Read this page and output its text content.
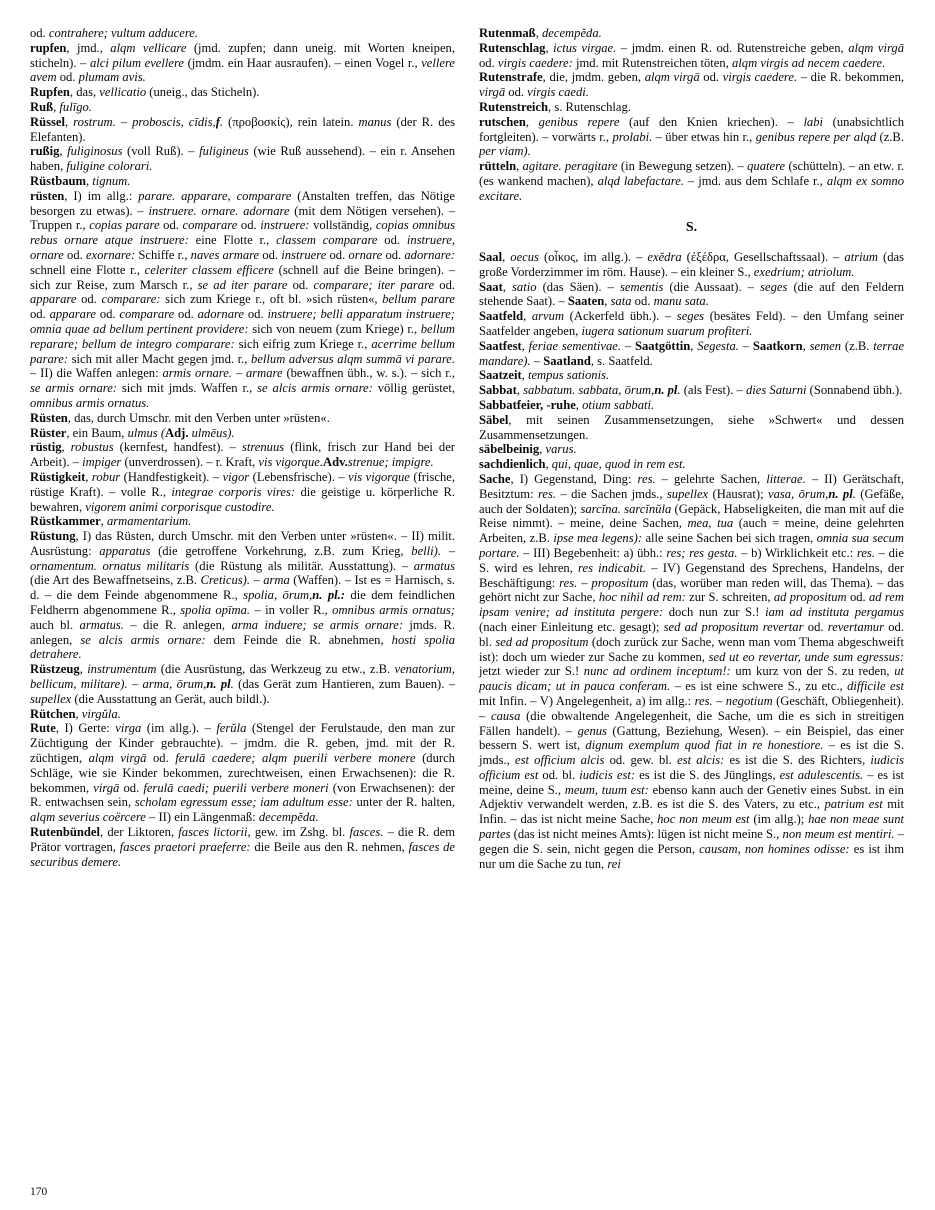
od. contrahere; vultum adducere.

rupfen, jmd., alqm vellicare (jmd. zupfen; dann uneig. mit Worten kneipen, sticheln). – alci pilum evellere (jmdm. ein Haar ausraufen). – einen Vogel r., vellere avem od. plumam avis.

Rupfen, das, vellicatio (uneig., das Sticheln).

Ruß, fulīgo.

Rüssel, rostrum. – proboscis, cīdis,f. (προβοσκίς), rein latein. manus (der R. des Elefanten).

rußig, fuliginosus (voll Ruß). – fuligineus (wie Ruß aussehend). – ein r. Ansehen haben, fuligine colorari.

Rüstbaum, tignum.

rüsten, I) im allg.: parare. apparare, comparare (Anstalten treffen, das Nötige besorgen zu etwas). – instruere. ornare. adornare (mit dem Nötigen versehen). – Truppen r., copias parare od. comparare od. instruere: vollständig, copias omnibus rebus ornare atque instruere: eine Flotte r., classem comparare od. instruere, ornare od. exornare: Schiffe r., naves armare od. instruere od. ornare od. adornare: schnell eine Flotte r., celeriter classem efficere (schnell auf die Beine bringen). – sich zur Reise, zum Marsch r., se ad iter parare od. comparare; iter parare od. apparare od. comparare: sich zum Kriege r., oft bl. »sich rüsten«, bellum parare od. apparare od. comparare od. adornare od. instruere; belli apparatum instruere; omnia quae ad bellum pertinent providere: sich von neuem (zum Kriege) r., bellum reparare; bellum de integro comparare: sich eifrig zum Kriege r., acerrime bellum parare: sich mit aller Macht gegen jmd. r., bellum adversus alqm summā vi parare. – II) die Waffen anlegen: armis ornare. – armare (bewaffnen übh., w. s.). – sich r., se armis ornare: sich mit jmds. Waffen r., se alcis armis ornare: völlig gerüstet, omnibus armis ornatus.

Rüsten, das, durch Umschr. mit den Verben unter »rüsten«.

Rüster, ein Baum, ulmus (Adj. ulmēus).

rüstig, robustus (kernfest, handfest). – strenuus (flink, frisch zur Hand bei der Arbeit). – impiger (unverdrossen). – r. Kraft, vis vigorque.Adv.strenue; impigre.

Rüstigkeit, robur (Handfestigkeit). – vigor (Lebensfrische). – vis vigorque (frische, rüstige Kraft). – volle R., integrae corporis vires: die geistige u. körperliche R. bewahren, vigorem animi corporisque custodire.

Rüstkammer, armamentarium.

Rüstung, I) das Rüsten, durch Umschr. mit den Verben unter »rüsten«. – II) milit. Ausrüstung: apparatus (die getroffene Vorkehrung, z.B. zum Krieg, belli). – ornamentum. ornatus militaris (die Rüstung als militär. Ausstattung). – armatus (die Art des Bewaffnetseins, z.B. Creticus). – arma (Waffen). – Ist es = Harnisch, s. d. – die dem Feinde abgenommene R., spolia, ōrum,n. pl.: die dem feindlichen Feldherrn abgenommene R., spolia opīma. – in voller R., omnibus armis ornatus; auch bl. armatus. – die R. anlegen, arma induere; se armis ornare: jmds. R. anlegen, se alcis armis ornare: dem Feinde die R. abnehmen, hosti spolia detrahere.

Rüstzeug, instrumentum (die Ausrüstung, das Werkzeug zu etw., z.B. venatorium, bellicum, militare). – arma, ōrum,n. pl. (das Gerät zum Hantieren, zum Bauen). – supellex (die Ausstattung an Gerät, auch bildl.).

Rütchen, virgŭla.

Rute, I) Gerte: virga (im allg.). – ferŭla (Stengel der Ferulstaude, den man zur Züchtigung der Kinder gebrauchte). – jmdm. die R. geben, jmd. mit der R. züchtigen, alqm virgā od. ferulā caedere; alqm puerili verbere monere (durch Schläge, wie sie Kinder bekommen, zurechtweisen, einen Erwachsenen): die R. bekommen, virgā od. ferulā caedi; puerili verbere moneri (von Erwachsenen): der R. entwachsen sein, scholam egressum esse; iam adultum esse: unter der R. halten, alqm severius coërcere – II) ein Längenmaß: decempĕda.

Rutenbündel, der Liktoren, fasces lictorii, gew. im Zshg. bl. fasces. – die R. dem Prätor vortragen, fasces praetori praeferre: die Beile aus den R. nehmen, fasces de securibus demere.

Rutenmaß, decempĕda.

Rutenschlag, ictus virgae. – jmdm. einen R. od. Rutenstreiche geben, alqm virgā od. virgis caedere: jmd. mit Rutenstreichen töten, alqm virgis ad necem caedere.

Rutenstrafe, die, jmdm. geben, alqm virgā od. virgis caedere. – die R. bekommen, virgā od. virgis caedi.

Rutenstreich, s. Rutenschlag.

rutschen, genibus repere (auf den Knien kriechen). – labi (unabsichtlich fortgleiten). – vorwärts r., prolabi. – über etwas hin r., genibus repere per alqd (z.B. per viam).

rütteln, agitare. peragitare (in Bewegung setzen). – quatere (schütteln). – an etw. r. (es wankend machen), alqd labefactare. – jmd. aus dem Schlafe r., alqm ex somno excitare.

S.

Saal, oecus (οἶκος, im allg.). – exĕdra (ἐξέδρα, Gesellschaftssaal). – atrium (das große Vorderzimmer im röm. Hause). – ein kleiner S., exedrium; atriolum.

Saat, satio (das Säen). – sementis (die Aussaat). – seges (die auf den Feldern stehende Saat). – Saaten, sata od. manu sata.

Saatfeld, arvum (Ackerfeld übh.). – seges (besätes Feld). – den Umfang seiner Saatfelder angeben, iugera sationum suarum profiteri.

Saatfest, feriae sementivae. – Saatgöttin, Segesta. – Saatkorn, semen (z.B. terrae mandare). – Saatland, s. Saatfeld.

Saatzeit, tempus sationis.

Sabbat, sabbatum. sabbata, ōrum,n. pl. (als Fest). – dies Saturni (Sonnabend übh.).

Sabbatfeier, -ruhe, otium sabbati.

Säbel, mit seinen Zusammensetzungen, siehe »Schwert« und dessen Zusammensetzungen.

säbelbeinig, varus.

sachdienlich, qui, quae, quod in rem est.

Sache, I) Gegenstand, Ding: res. – gelehrte Sachen, litterae. – II) Gerätschaft, Besitztum: res. – die Sachen jmds., supellex (Hausrat); vasa, ōrum,n. pl. (Gefäße, auch der Soldaten); sarcĭna. sarcĭnŭla (Gepäck, Habseligkeiten, die man mit auf die Reise nimmt). – meine, deine Sachen, mea, tua (auch = meine, deine gelehrten Arbeiten, z.B. ipse mea legens): alle seine Sachen bei sich tragen, omnia sua secum portare. – III) Begebenheit: a) übh.: res; res gesta. – b) Wirklichkeit etc.: res. – die S. wird es lehren, res indicabit. – IV) Gegenstand des Sprechens, Handelns, der Beschäftigung: res. – propositum (das, worüber man reden will, das Thema). – das gehört nicht zur Sache, hoc nihil ad rem: zur S. schreiten, ad propositum od. ad rem ipsam venire; ad instituta pergere: doch nun zur S.! iam ad instituta pergamus (nach einer Einleitung etc. gesagt); sed ad propositum revertar od. revertamur od. bl. sed ad propositum (doch zurück zur Sache, wenn man vom Thema abgeschweift ist): doch um wieder zur Sache zu kommen, sed ut eo revertar, unde sum egressus: jetzt wieder zur S.! nunc ad ordinem inceptum!: um kurz von der S. zu reden, ut paucis dicam; ut in pauca conferam. – es ist eine schwere S., zu etc., difficile est mit Infin. – V) Angelegenheit, a) im allg.: res. – negotium (Geschäft, Obliegenheit). – causa (die obwaltende Angelegenheit, die Sache, um die es sich in streitigen Fällen handelt). – genus (Gattung, Beziehung, Wesen). – ein Beispiel, das einer bessern S. wert ist, dignum exemplum quod fiat in re honestiore. – es ist die S. jmds., est officium alcis od. gew. bl. est alcis: es ist die S. des Richters, iudicis officium est od. bl. iudicis est: es ist die S. des Jünglings, est adulescentis. – es ist meine, deine S., meum, tuum est: ebenso kann auch der Genetiv eines Subst. in ein Adjektiv verwandelt werden, z.B. es ist die S. des Vaters, zu etc., patrium est mit Infin. – das ist nicht meine Sache, hoc non meum est (im allg.); hae non meae sunt partes (das ist nicht meines Amts): lügen ist nicht meine S., non meum est mentiri. – gegen die S. sein, nicht gegen die Person, causam, non homines odisse: es ist ihm nur um die Sache zu tun, rei

170
